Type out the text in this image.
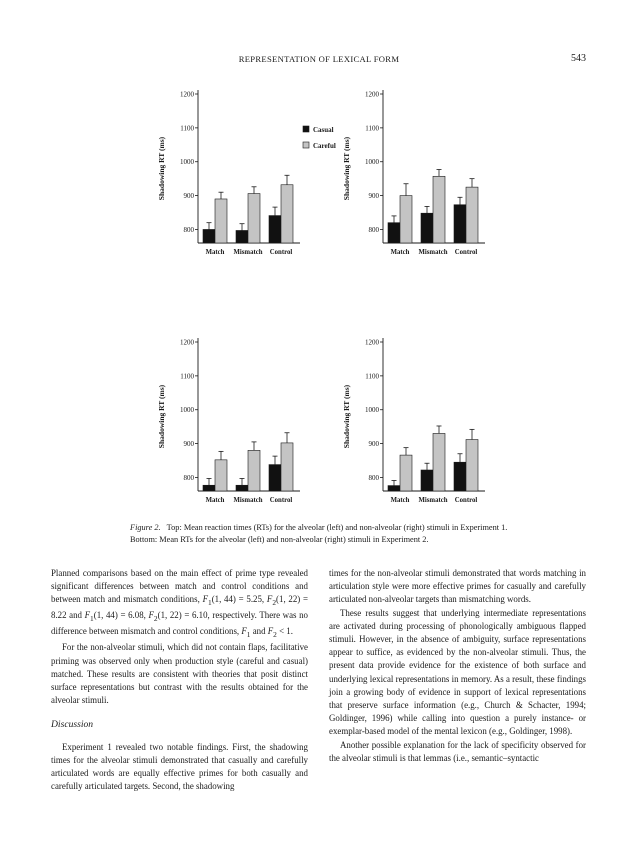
REPRESENTATION OF LEXICAL FORM	543
Shadowing RT (ms)
800
900
1000
1100
1200
Match Mismatch Control
Casual
Careful Shadowing RT (ms)
800
900
1000
1100
1200
Match Mismatch Control
Shadowing RT (ms)
800
900
1000
1100
1200
Match Mismatch Control
Shadowing RT (ms)
800
900
1000
1100
1200
Match Mismatch Control
Figure 2. Top: Mean reaction times (RTs) for the alveolar (left) and non-alveolar (right) stimuli in Experiment 1. Bottom: Mean RTs for the alveolar (left) and non-alveolar (right) stimuli in Experiment 2.

Planned comparisons based on the main effect of prime type revealed significant differences between match and control conditions and between match and mismatch conditions, $F_1(1$, 44) = 5.25, $F_2(1$, 22) = 8.22 and $F_1(1$, 44) = 6.08, $F_2(1$, 22) = 6.10, respectively. There was no difference between mismatch and control conditions, $F_1$ and $F_2 < 1$.

For the non-alveolar stimuli, which did not contain flaps, facilitative priming was observed only when production style (careful and casual) matched. These results are consistent with theories that posit distinct surface representations but contrast with the results obtained for the alveolar stimuli.

Discussion

Experiment 1 revealed two notable findings. First, the shadowing times for the alveolar stimuli demonstrated that casually and carefully articulated words are equally effective primes for both casually and carefully articulated targets. Second, the shadowing

times for the non-alveolar stimuli demonstrated that words matching in articulation style were more effective primes for casually and carefully articulated non-alveolar targets than mismatching words.

These results suggest that underlying intermediate representations are activated during processing of phonologically ambiguous flapped stimuli. However, in the absence of ambiguity, surface representations appear to suffice, as evidenced by the non-alveolar stimuli. Thus, the present data provide evidence for the existence of both surface and underlying lexical representations in memory. As a result, these findings join a growing body of evidence in support of lexical representations that preserve surface information (e.g., Church & Schacter, 1994; Goldinger, 1996) while calling into question a purely instance- or exemplar-based model of the mental lexicon (e.g., Goldinger, 1998).

Another possible explanation for the lack of specificity observed for the alveolar stimuli is that lemmas (i.e., semantic–syntactic
